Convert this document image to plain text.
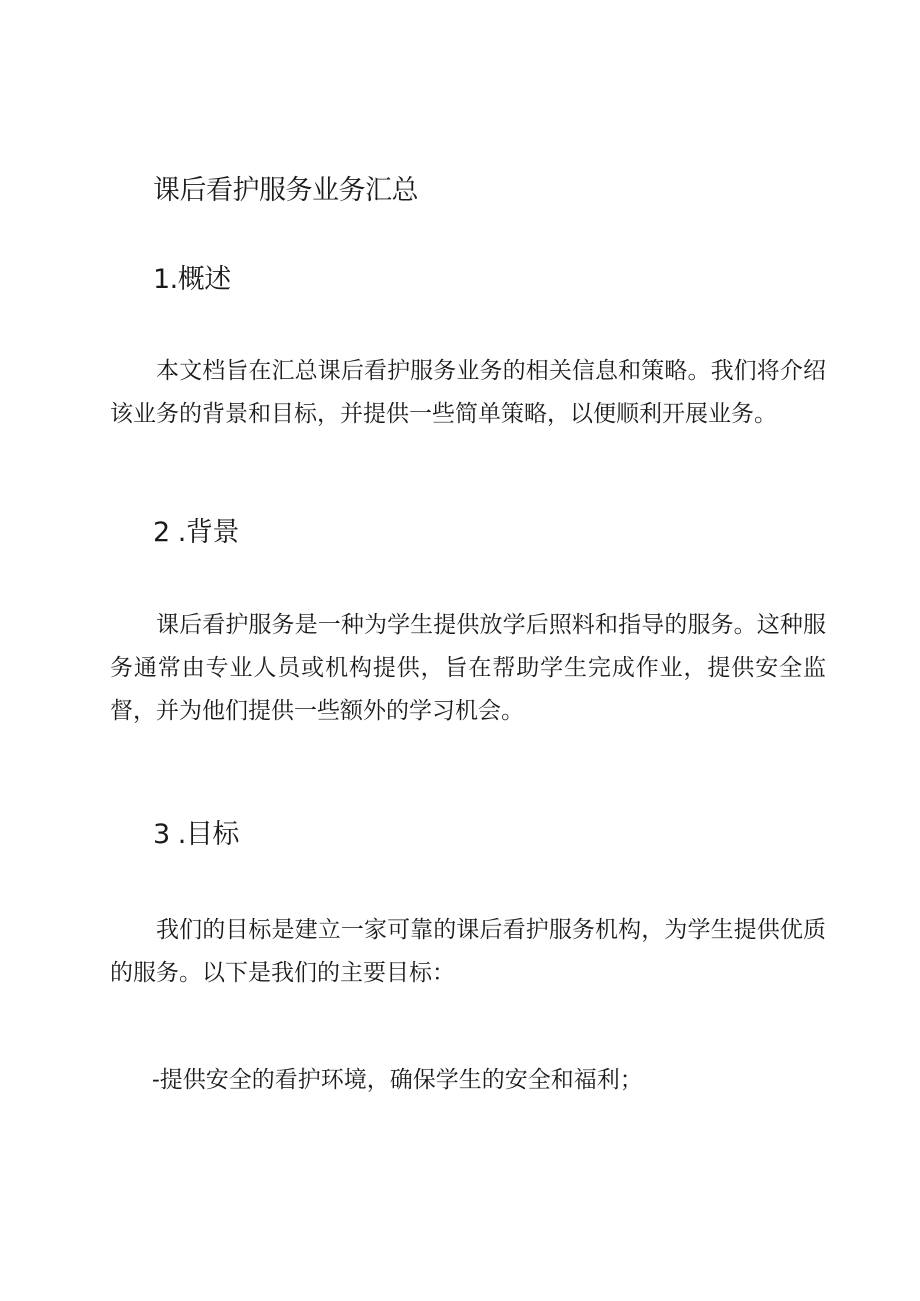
课后看护服务业务汇总
1.概述

本文档旨在汇总课后看护服务业务的相关信息和策略。我们将介绍该业务的背景和目标，并提供一些简单策略，以便顺利开展业务。

2 .背景

课后看护服务是一种为学生提供放学后照料和指导的服务。这种服务通常由专业人员或机构提供，旨在帮助学生完成作业，提供安全监督，并为他们提供一些额外的学习机会。

3 .目标

我们的目标是建立一家可靠的课后看护服务机构，为学生提供优质的服务。以下是我们的主要目标：

-提供安全的看护环境，确保学生的安全和福利；
